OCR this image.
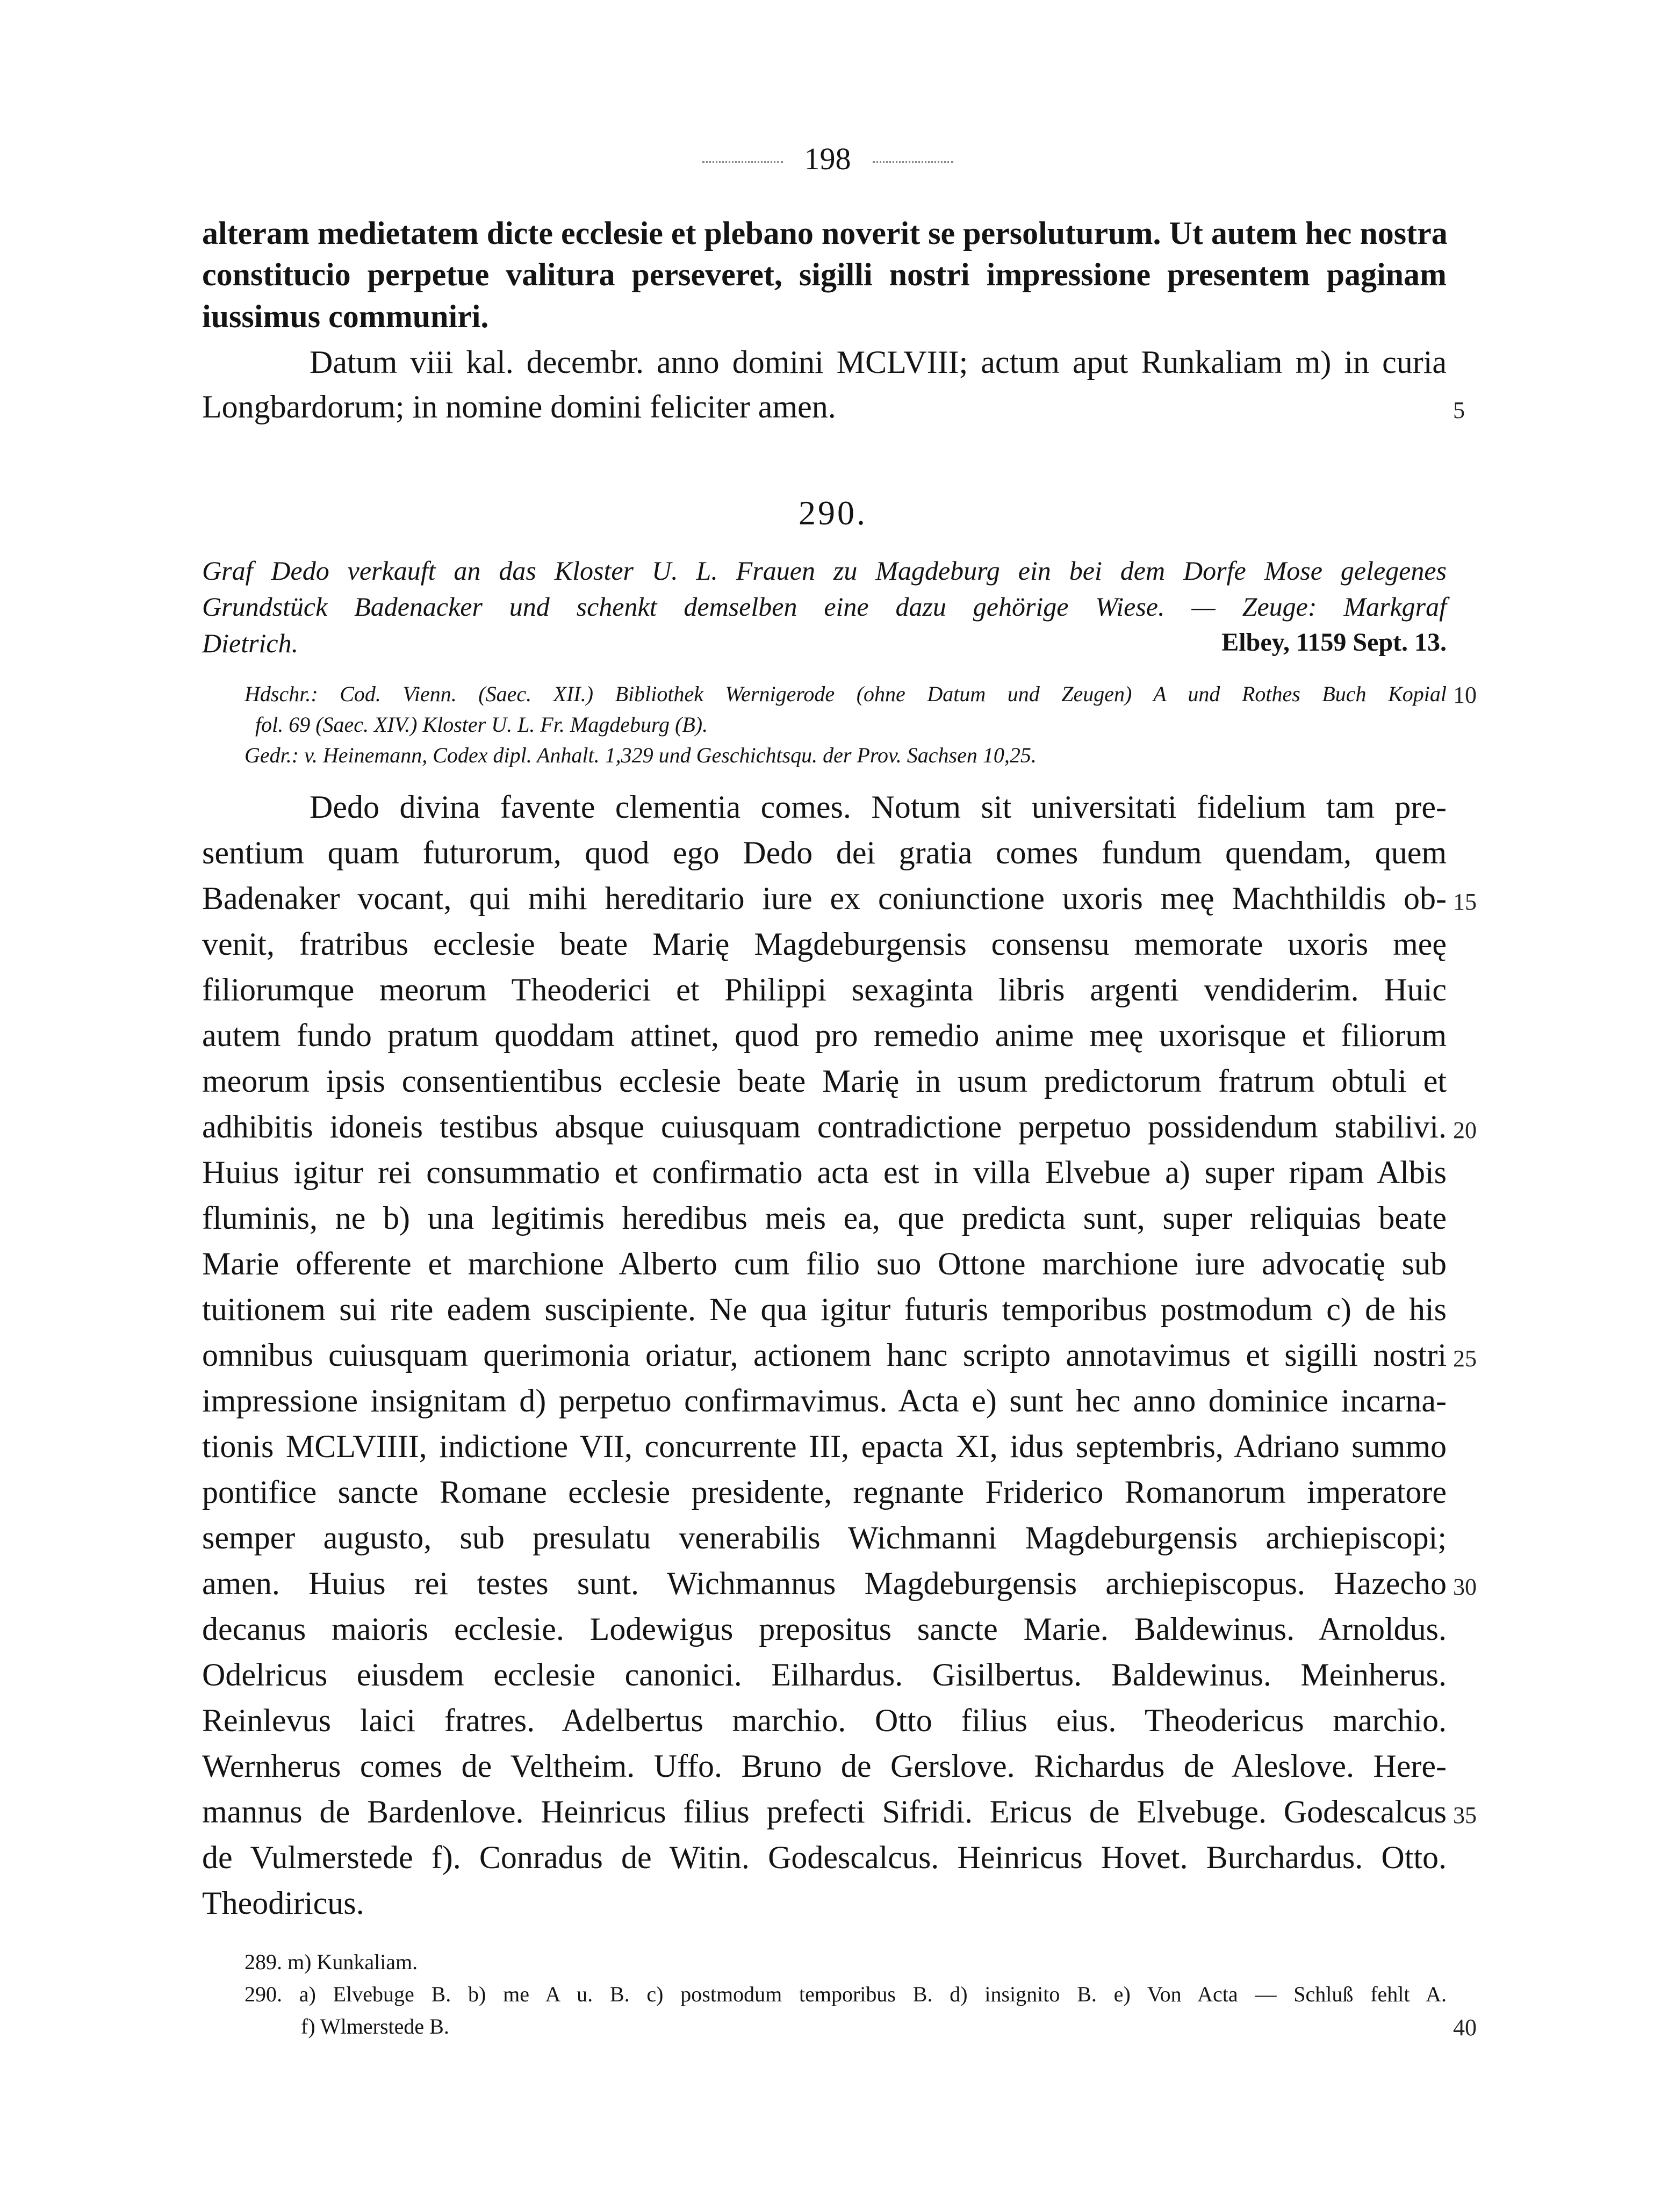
198
alteram medietatem dicte ecclesie et plebano noverit se persoluturum. Ut autem hec nostra
constitucio perpetue valitura perseveret, sigilli nostri impressione presentem paginam
iussimus communiri.
Datum viii kal. decembr. anno domini MCLVIII; actum aput Runkaliam m) in curia
Longbardorum; in nomine domini feliciter amen.	5
290.
Graf Dedo verkauft an das Kloster U. L. Frauen zu Magdeburg ein bei dem Dorfe Mose gelegenes
Grundstück Badenacker und schenkt demselben eine dazu gehörige Wiese. — Zeuge: Markgraf
Dietrich.	Elbey, 1159 Sept. 13.
Hdschr.: Cod. Vienn. (Saec. XII.) Bibliothek Wernigerode (ohne Datum und Zeugen) A und Rothes Buch Kopial 10
fol. 69 (Saec. XIV.) Kloster U. L. Fr. Magdeburg (B).
Gedr.: v. Heinemann, Codex dipl. Anhalt. 1,329 und Geschichtsqu. der Prov. Sachsen 10,25.
Dedo divina favente clementia comes. Notum sit universitati fidelium tam pre-
sentium quam futurorum, quod ego Dedo dei gratia comes fundum quendam, quem
Badenaker vocant, qui mihi hereditario iure ex coniunctione uxoris meę Machthildis ob- 15
venit, fratribus ecclesie beate Marię Magdeburgensis consensu memorate uxoris meę
filiorumque meorum Theoderici et Philippi sexaginta libris argenti vendiderim. Huic
autem fundo pratum quoddam attinet, quod pro remedio anime meę uxorisque et filiorum
meorum ipsis consentientibus ecclesie beate Marię in usum predictorum fratrum obtuli et
adhibitis idoneis testibus absque cuiusquam contradictione perpetuo possidendum stabilivi. 20
Huius igitur rei consummatio et confirmatio acta est in villa Elvebue a) super ripam Albis
fluminis, ne b) una legitimis heredibus meis ea, que predicta sunt, super reliquias beate
Marie offerente et marchione Alberto cum filio suo Ottone marchione iure advocatię sub
tuitionem sui rite eadem suscipiente. Ne qua igitur futuris temporibus postmodum c) de his
omnibus cuiusquam querimonia oriatur, actionem hanc scripto annotavimus et sigilli nostri 25
impressione insignitam d) perpetuo confirmavimus. Acta e) sunt hec anno dominice incarna-
tionis MCLVIIII, indictione VII, concurrente III, epacta XI, idus septembris, Adriano summo
pontifice sancte Romane ecclesie presidente, regnante Friderico Romanorum imperatore
semper augusto, sub presulatu venerabilis Wichmanni Magdeburgensis archiepiscopi;
amen. Huius rei testes sunt. Wichmannus Magdeburgensis archiepiscopus. Hazecho 30
decanus maioris ecclesie. Lodewigus prepositus sancte Marie. Baldewinus. Arnoldus.
Odelricus eiusdem ecclesie canonici. Eilhardus. Gisilbertus. Baldewinus. Meinherus.
Reinlevus laici fratres. Adelbertus marchio. Otto filius eius. Theodericus marchio.
Wernherus comes de Veltheim. Uffo. Bruno de Gerslove. Richardus de Aleslove. Here-
mannus de Bardenlove. Heinricus filius prefecti Sifridi. Ericus de Elvebuge. Godescalcus 35
de Vulmerstede f). Conradus de Witin. Godescalcus. Heinricus Hovet. Burchardus. Otto.
Theodiricus.
289. m) Kunkaliam.
290. a) Elvebuge B. b) me A u. B. c) postmodum temporibus B. d) insignito B. e) Von Acta — Schluß fehlt A.
f) Wlmerstede B.	40
